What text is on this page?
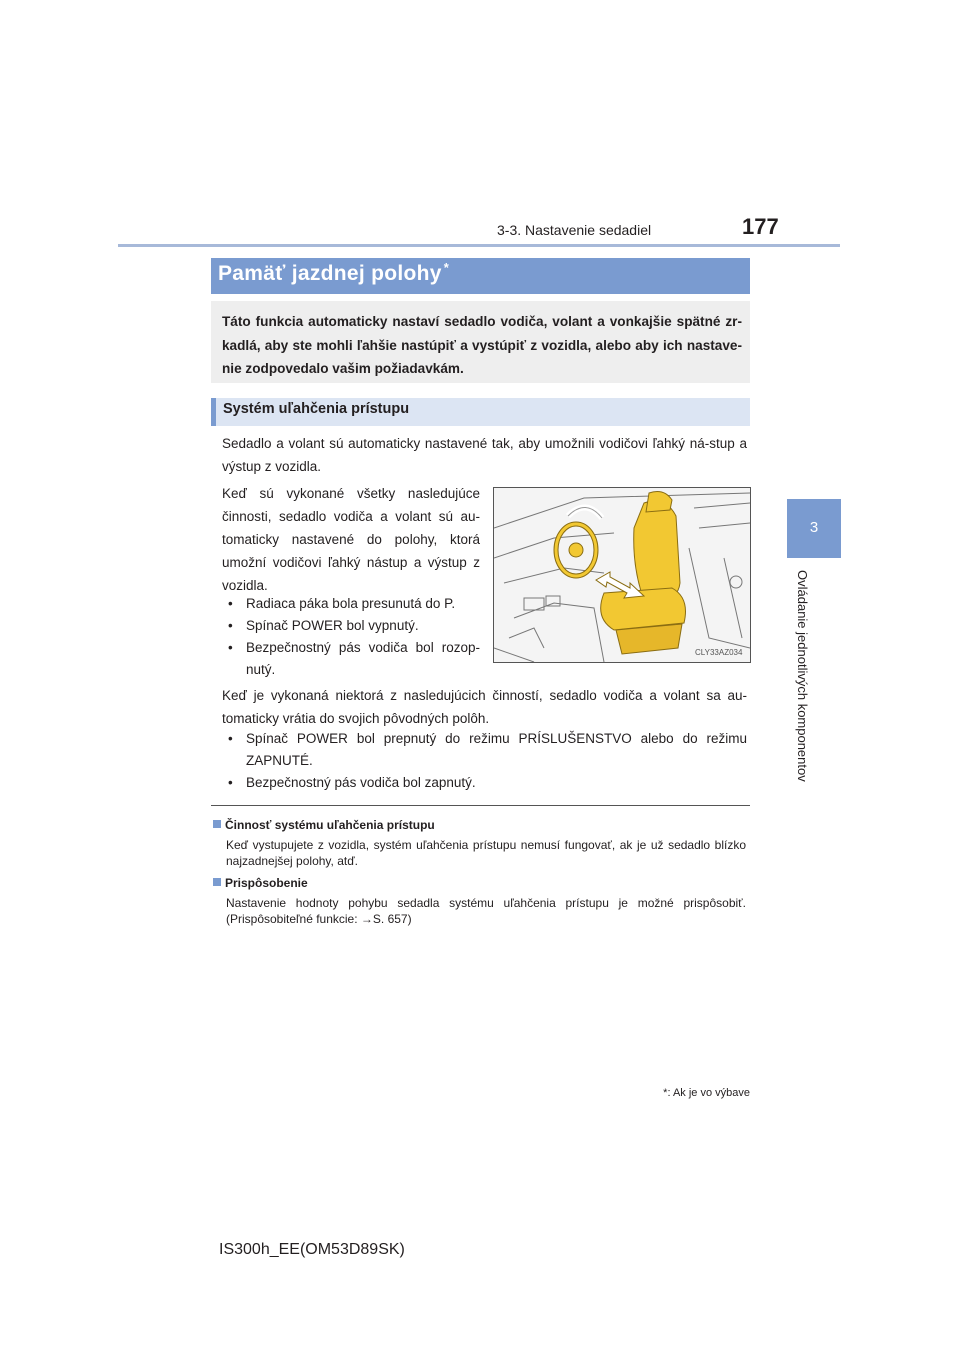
3-3. Nastavenie sedadiel	177
3
Ovládanie jednotlivých komponentov
Pamäť jazdnej polohy *
Táto funkcia automaticky nastaví sedadlo vodiča, volant a vonkajšie spätné zr-kadlá, aby ste mohli ľahšie nastúpiť a vystúpiť z vozidla, alebo aby ich nastave-nie zodpovedalo vašim požiadavkám.
Systém uľahčenia prístupu
Sedadlo a volant sú automaticky nastavené tak, aby umožnili vodičovi ľahký ná-stup a výstup z vozidla.
Keď sú vykonané všetky nasledujúce činnosti, sedadlo vodiča a volant sú au-tomaticky nastavené do polohy, ktorá umožní vodičovi ľahký nástup a výstup z vozidla.
• Radiaca páka bola presunutá do P.
• Spínač POWER bol vypnutý.
• Bezpečnostný pás vodiča bol rozop-nutý.
Keď je vykonaná niektorá z nasledujúcich činností, sedadlo vodiča a volant sa au-tomaticky vrátia do svojich pôvodných polôh.
• Spínač POWER bol prepnutý do režimu PRÍSLUŠENSTVO alebo do režimu ZAPNUTÉ.
• Bezpečnostný pás vodiča bol zapnutý.
CLY33AZ034
Činnosť systému uľahčenia prístupu
Keď vystupujete z vozidla, systém uľahčenia prístupu nemusí fungovať, ak je už sedadlo blízko najzadnejšej polohy, atď.
Prispôsobenie
Nastavenie hodnoty pohybu sedadla systému uľahčenia prístupu je možné prispôsobiť. (Prispôsobiteľné funkcie: →S. 657)
*: Ak je vo výbave
IS300h_EE(OM53D89SK)
